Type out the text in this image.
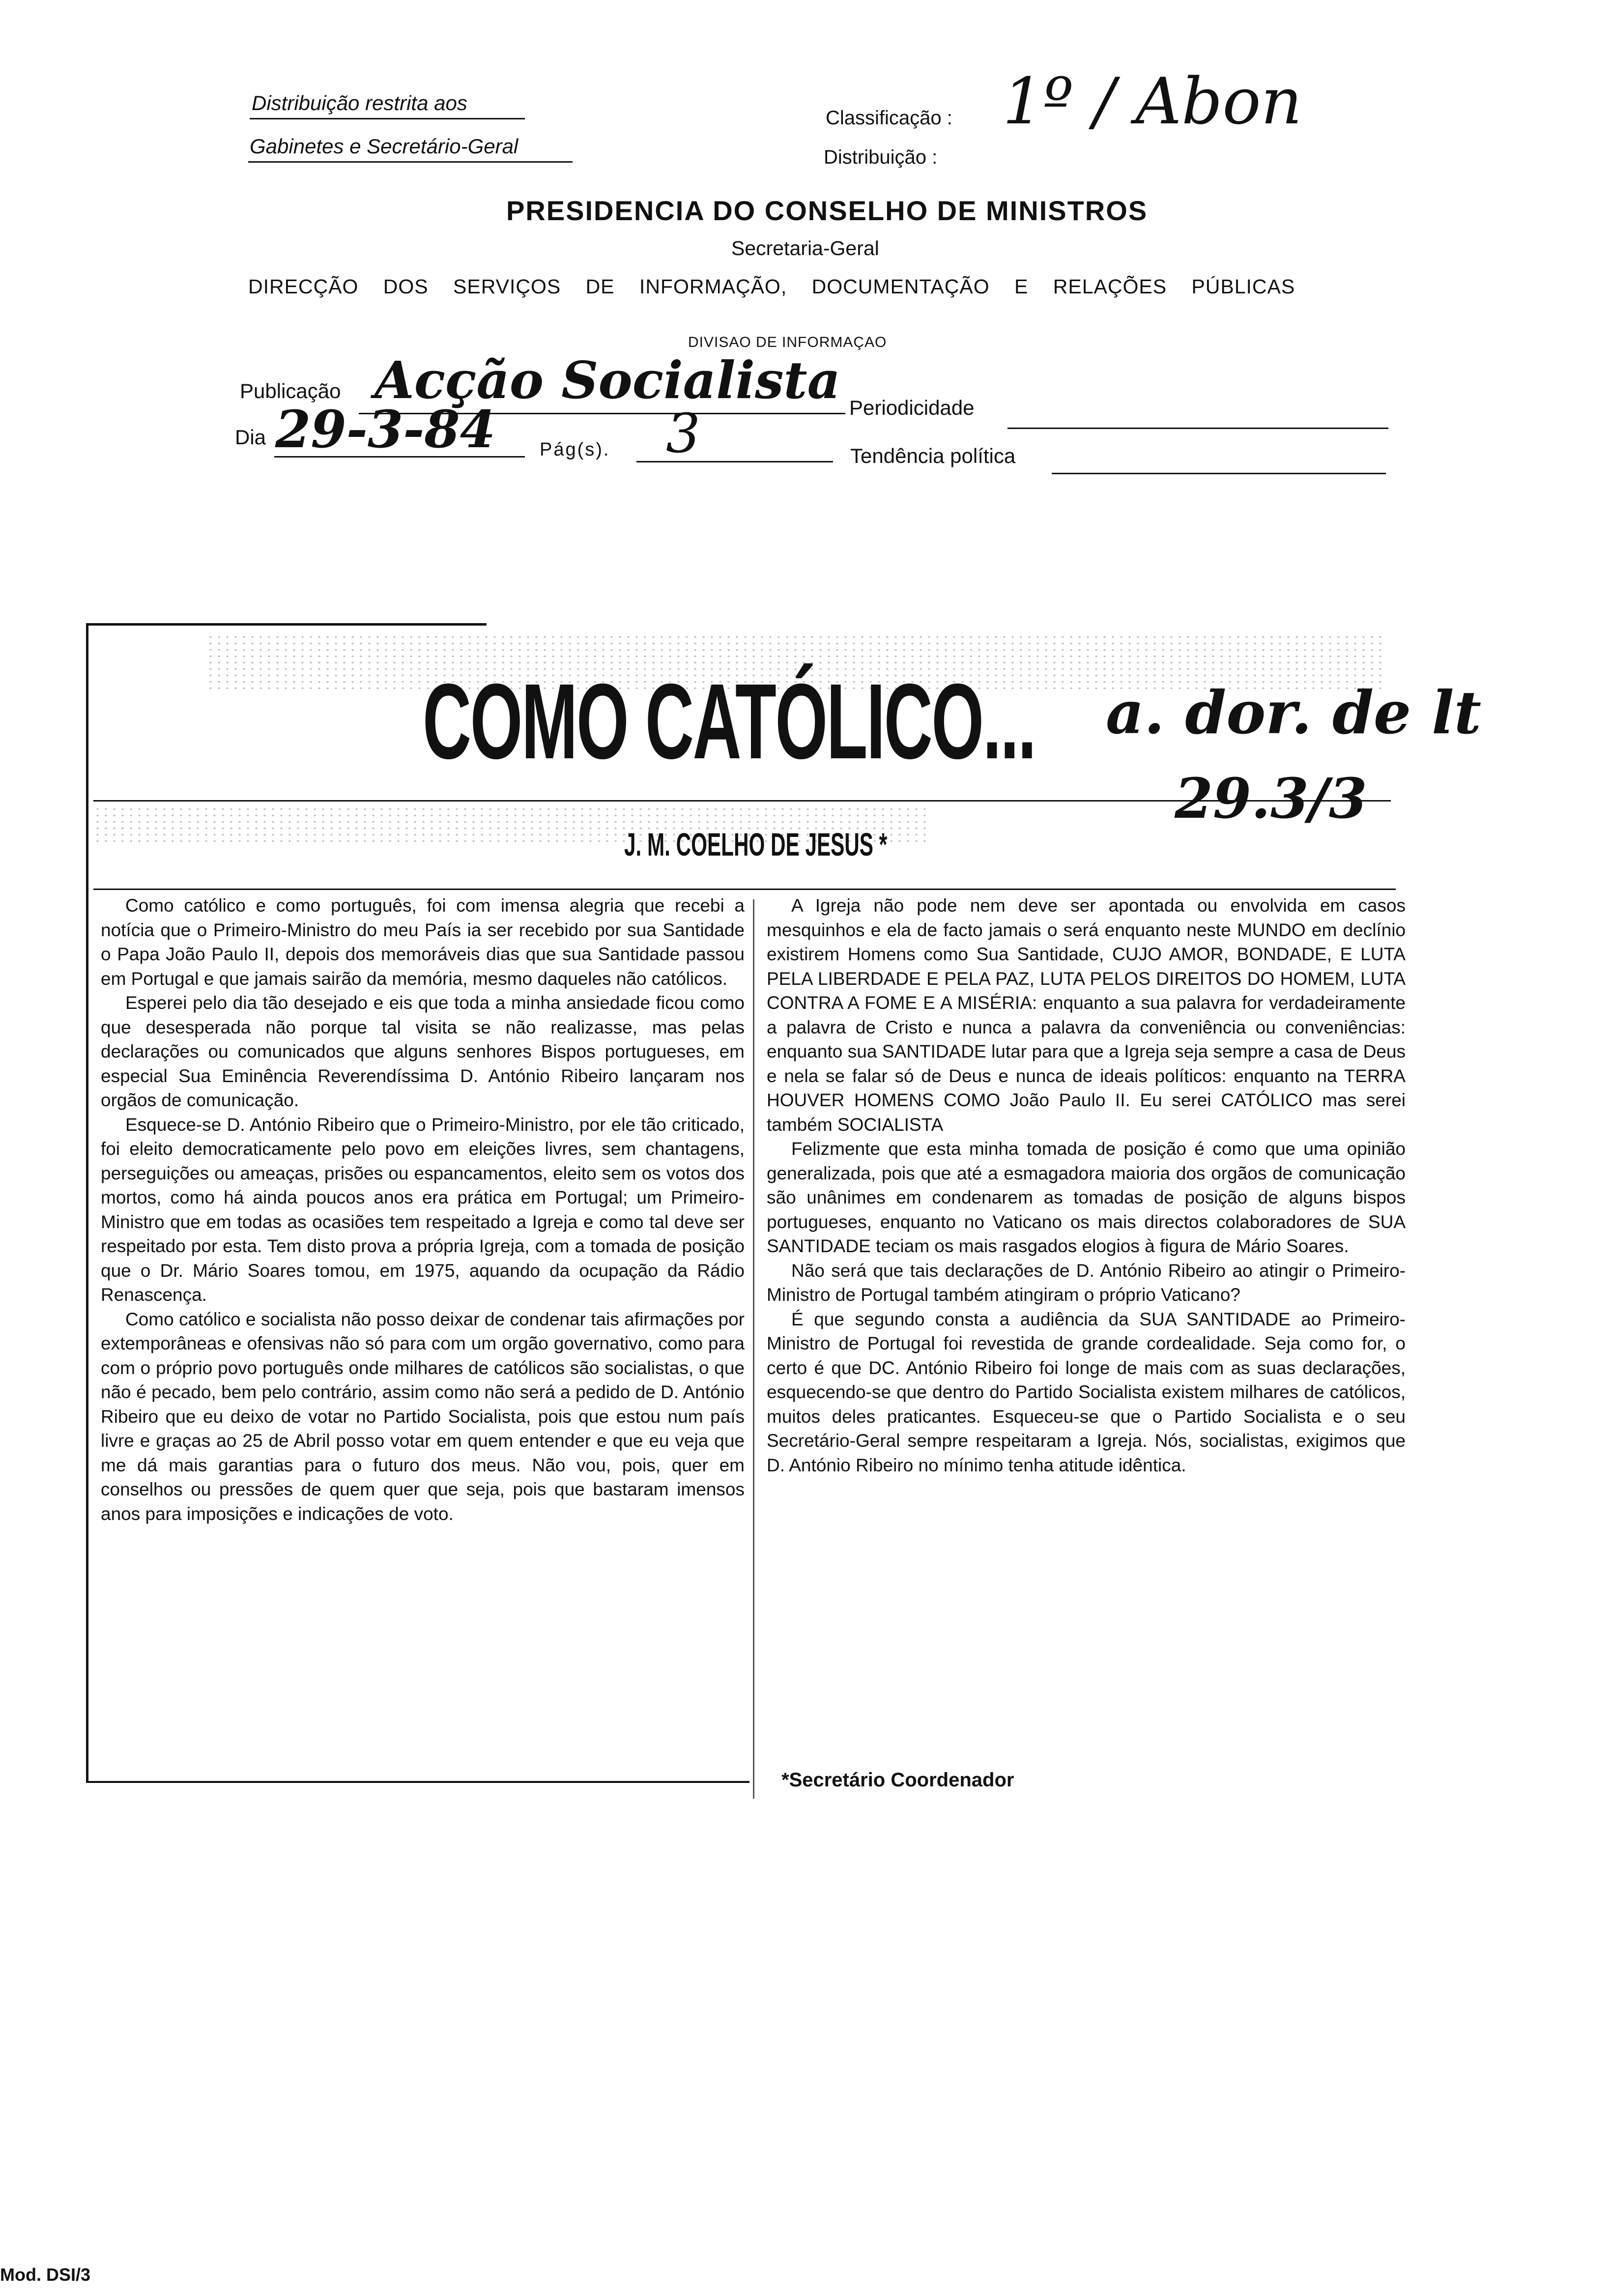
Distribuição restrita aos
Gabinetes e Secretário-Geral
Classificação :
Distribuição :
1º / Abon
PRESIDENCIA DO CONSELHO DE MINISTROS
Secretaria-Geral
DIRECÇÃO DOS SERVIÇOS DE INFORMAÇÃO, DOCUMENTAÇÃO E RELAÇÕES PÚBLICAS
DIVISAO DE INFORMAÇAO
Publicação Acção Socialista Periodicidade
Dia 29-3-84 Pág(s). 3	Tendência política
COMO CATÓLICO... a. dor. de lt
29.3/3
J. M. COELHO DE JESUS *

Como católico e como português, foi com imensa alegria que recebi a notícia que o Primeiro-Ministro do meu País ia ser recebido por sua Santidade o Papa João Paulo II, depois dos memoráveis dias que sua Santidade passou em Portugal e que jamais sairão da memória, mesmo daqueles não católicos.

Esperei pelo dia tão desejado e eis que toda a minha ansiedade ficou como que desesperada não porque tal visita se não realizasse, mas pelas declarações ou comunicados que alguns senhores Bispos portugueses, em especial Sua Eminência Reverendíssima D. António Ribeiro lançaram nos orgãos de comunicação.

Esquece-se D. António Ribeiro que o Primeiro-Ministro, por ele tão criticado, foi eleito democraticamente pelo povo em eleições livres, sem chantagens, perseguições ou ameaças, prisões ou espancamentos, eleito sem os votos dos mortos, como há ainda poucos anos era prática em Portugal; um Primeiro-Ministro que em todas as ocasiões tem respeitado a Igreja e como tal deve ser respeitado por esta. Tem disto prova a própria Igreja, com a tomada de posição que o Dr. Mário Soares tomou, em 1975, aquando da ocupação da Rádio Renascença.

Como católico e socialista não posso deixar de condenar tais afirmações por extemporâneas e ofensivas não só para com um orgão governativo, como para com o próprio povo português onde milhares de católicos são socialistas, o que não é pecado, bem pelo contrário, assim como não será a pedido de D. António Ribeiro que eu deixo de votar no Partido Socialista, pois que estou num país livre e graças ao 25 de Abril posso votar em quem entender e que eu veja que me dá mais garantias para o futuro dos meus. Não vou, pois, quer em conselhos ou pressões de quem quer que seja, pois que bastaram imensos anos para imposições e indicações de voto.

A Igreja não pode nem deve ser apontada ou envolvida em casos mesquinhos e ela de facto jamais o será enquanto neste MUNDO em declínio existirem Homens como Sua Santidade, CUJO AMOR, BONDADE, E LUTA PELA LIBERDADE E PELA PAZ, LUTA PELOS DIREITOS DO HOMEM, LUTA CONTRA A FOME E A MISÉRIA: enquanto a sua palavra for verdadeiramente a palavra de Cristo e nunca a palavra da conveniência ou conveniências: enquanto sua SANTIDADE lutar para que a Igreja seja sempre a casa de Deus e nela se falar só de Deus e nunca de ideais políticos: enquanto na TERRA HOUVER HOMENS COMO João Paulo II. Eu serei CATÓLICO mas serei também SOCIALISTA

Felizmente que esta minha tomada de posição é como que uma opinião generalizada, pois que até a esmagadora maioria dos orgãos de comunicação são unânimes em condenarem as tomadas de posição de alguns bispos portugueses, enquanto no Vaticano os mais directos colaboradores de SUA SANTIDADE teciam os mais rasgados elogios à figura de Mário Soares.

Não será que tais declarações de D. António Ribeiro ao atingir o Primeiro-Ministro de Portugal também atingiram o próprio Vaticano?

É que segundo consta a audiência da SUA SANTIDADE ao Primeiro-Ministro de Portugal foi revestida de grande cordealidade. Seja como for, o certo é que DC. António Ribeiro foi longe de mais com as suas declarações, esquecendo-se que dentro do Partido Socialista existem milhares de católicos, muitos deles praticantes. Esqueceu-se que o Partido Socialista e o seu Secretário-Geral sempre respeitaram a Igreja. Nós, socialistas, exigimos que D. António Ribeiro no mínimo tenha atitude idêntica.

*Secretário Coordenador
Mod. DSI/3
